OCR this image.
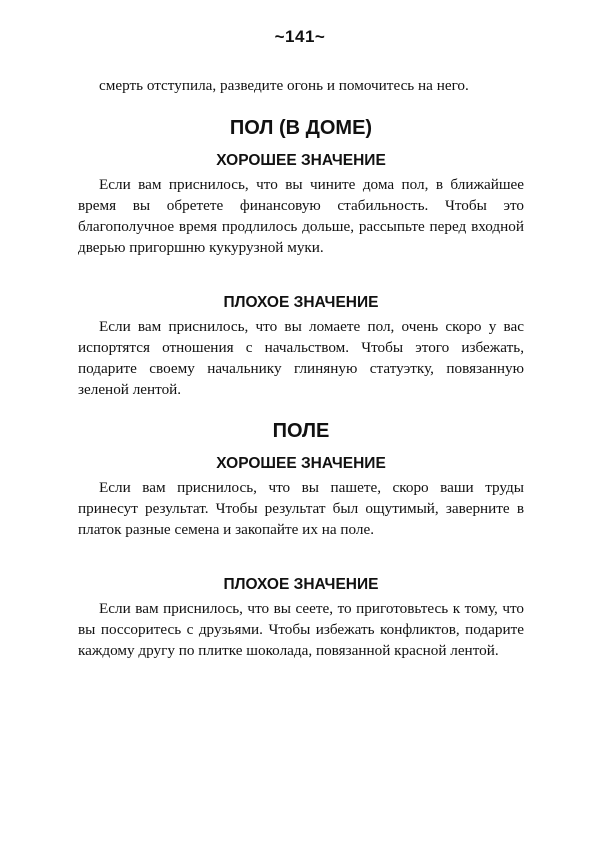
~141~

смерть отступила, разведите огонь и помочитесь на него.

ПОЛ (В ДОМЕ)
ХОРОШЕЕ ЗНАЧЕНИЕ

Если вам приснилось, что вы чините дома пол, в ближайшее время вы обретете финансовую стабильность. Чтобы это благополучное время продлилось дольше, рассыпьте перед входной дверью пригоршню кукурузной муки.

ПЛОХОЕ ЗНАЧЕНИЕ

Если вам приснилось, что вы ломаете пол, очень скоро у вас испортятся отношения с начальством. Чтобы этого избежать, подарите своему начальнику глиняную статуэтку, повязанную зеленой лентой.

ПОЛЕ
ХОРОШЕЕ ЗНАЧЕНИЕ

Если вам приснилось, что вы пашете, скоро ваши труды принесут результат. Чтобы результат был ощутимый, заверните в платок разные семена и закопайте их на поле.

ПЛОХОЕ ЗНАЧЕНИЕ

Если вам приснилось, что вы сеете, то приготовьтесь к тому, что вы поссоритесь с друзьями. Чтобы избежать конфликтов, подарите каждому другу по плитке шоколада, повязанной красной лентой.
